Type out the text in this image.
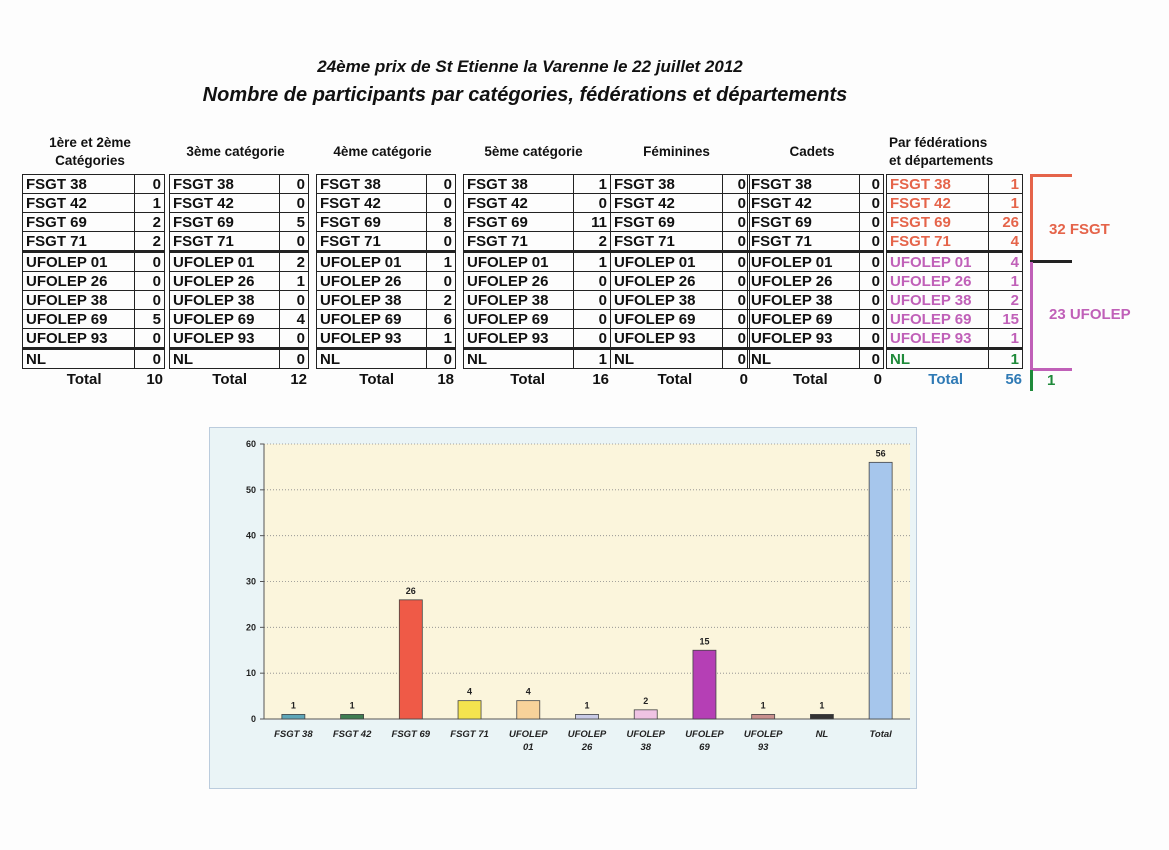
24ème prix de St Etienne la Varenne le 22 juillet 2012
Nombre de participants par catégories, fédérations et départements
1ère et 2ème
Catégories
FSGT 38	0
FSGT 42	1
FSGT 69	2
FSGT 71	2
UFOLEP 01	0
UFOLEP 26	0
UFOLEP 38	0
UFOLEP 69	5
UFOLEP 93	0
NL	0
Total	10
3ème catégorie
FSGT 38	0
FSGT 42	0
FSGT 69	5
FSGT 71	0
UFOLEP 01	2
UFOLEP 26	1
UFOLEP 38	0
UFOLEP 69	4
UFOLEP 93	0
NL	0
Total	12
4ème catégorie
FSGT 38	0
FSGT 42	0
FSGT 69	8
FSGT 71	0
UFOLEP 01	1
UFOLEP 26	0
UFOLEP 38	2
UFOLEP 69	6
UFOLEP 93	1
NL	0
Total	18
5ème catégorie
FSGT 38	1
FSGT 42	0
FSGT 69	11
FSGT 71	2
UFOLEP 01	1
UFOLEP 26	0
UFOLEP 38	0
UFOLEP 69	0
UFOLEP 93	0
NL	1
Total	16
Féminines
FSGT 38	0
FSGT 42	0
FSGT 69	0
FSGT 71	0
UFOLEP 01	0
UFOLEP 26	0
UFOLEP 38	0
UFOLEP 69	0
UFOLEP 93	0
NL	0
Total	0
Cadets
FSGT 38	0
FSGT 42	0
FSGT 69	0
FSGT 71	0
UFOLEP 01	0
UFOLEP 26	0
UFOLEP 38	0
UFOLEP 69	0
UFOLEP 93	0
NL	0
Total	0
Par fédérations
et départements
FSGT 38	1
FSGT 42	1
FSGT 69	26
FSGT 71	4
UFOLEP 01	4
UFOLEP 26	1
UFOLEP 38	2
UFOLEP 69	15
UFOLEP 93	1
NL	1
Total	56
32 FSGT
23 UFOLEP
1
0
10
20
30
40
50
60
1
FSGT 38
1
FSGT 42
26
FSGT 69
4
FSGT 71
4
UFOLEP 01
1
UFOLEP 26
2
UFOLEP 38
15
UFOLEP 69
1
UFOLEP 93
1
NL
56
Total
